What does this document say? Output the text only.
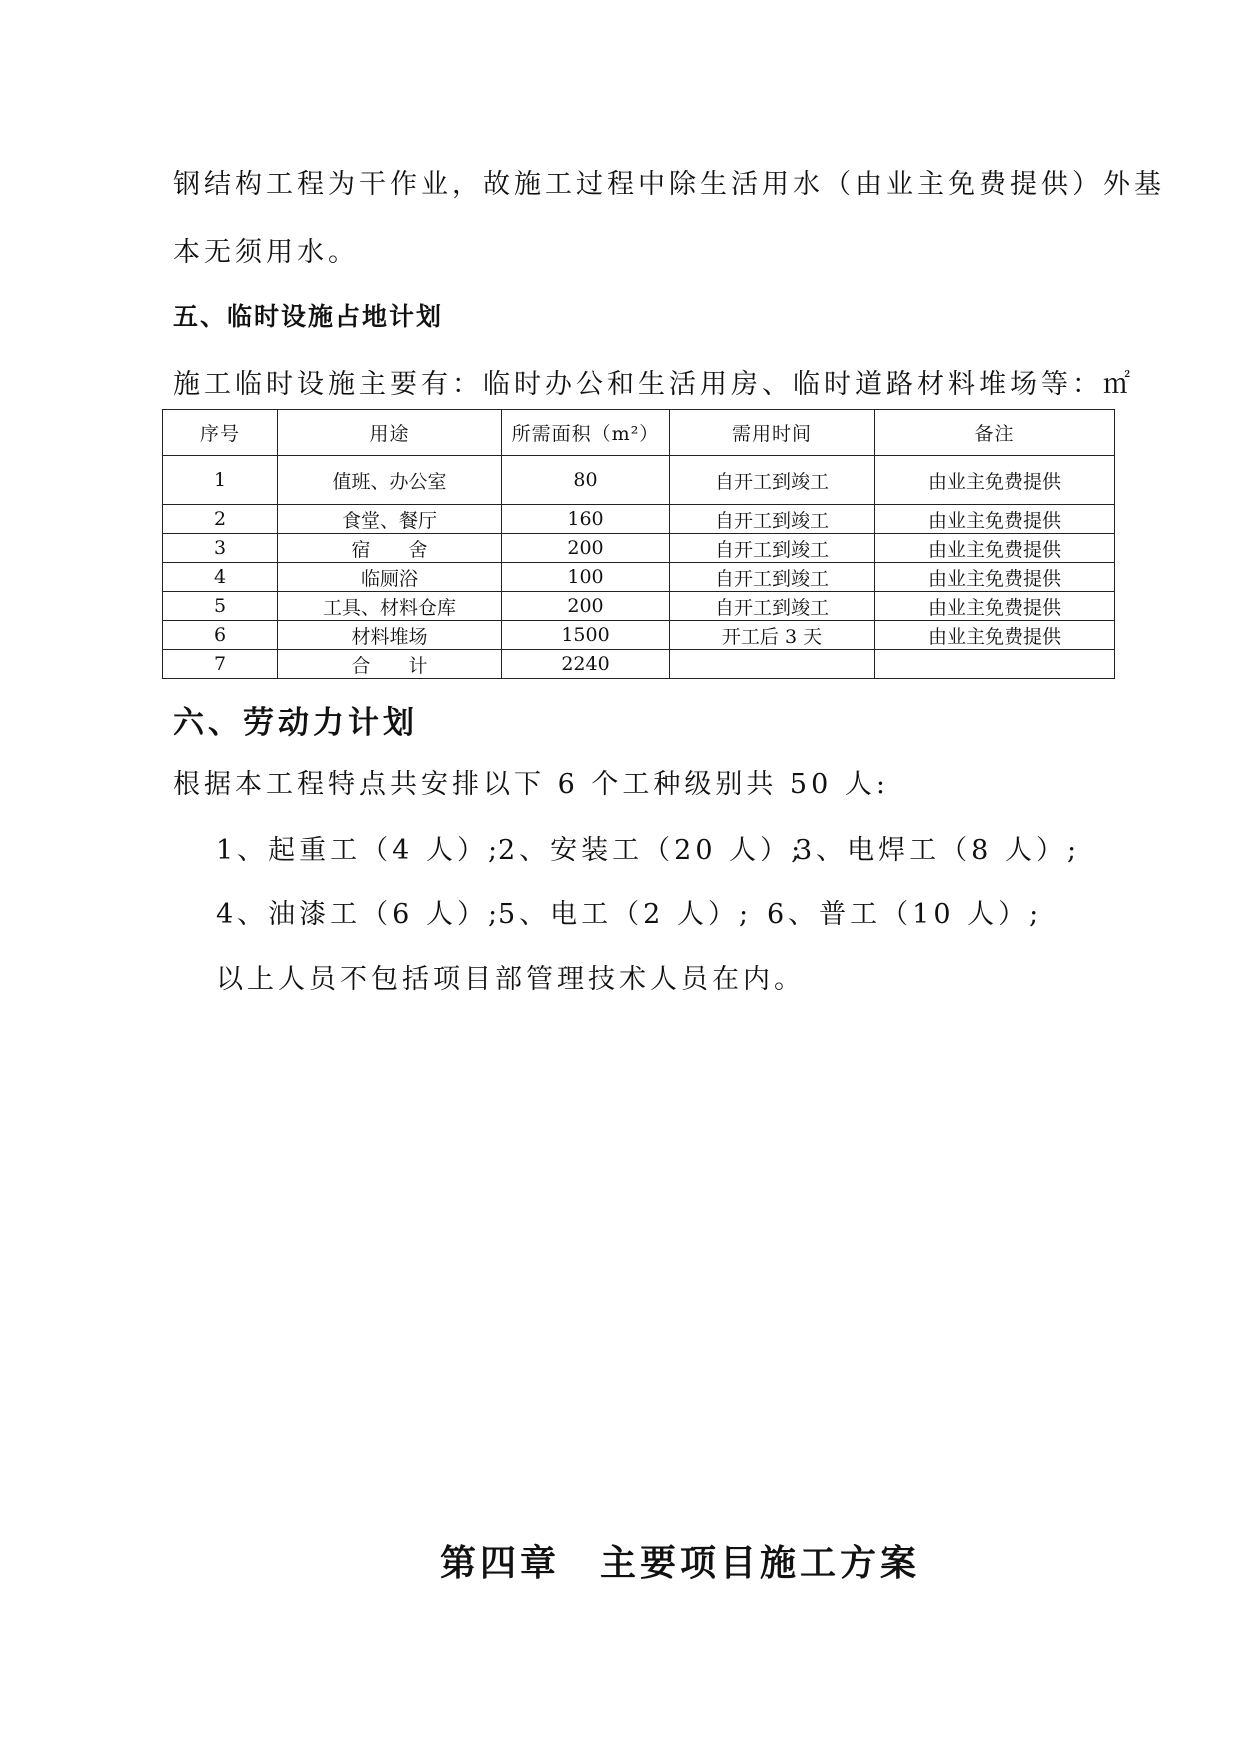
钢结构工程为干作业，故施工过程中除生活用水（由业主免费提供）外基
本无须用水。
五、临时设施占地计划
施工临时设施主要有：临时办公和生活用房、临时道路材料堆场等：㎡
序号	用途	所需面积（m²）	需用时间	备注
1	值班、办公室	80	自开工到竣工	由业主免费提供
2	食堂、餐厅	160	自开工到竣工	由业主免费提供
3	宿　　舍	200	自开工到竣工	由业主免费提供
4	临厕浴	100	自开工到竣工	由业主免费提供
5	工具、材料仓库	200	自开工到竣工	由业主免费提供
6	材料堆场	1500	开工后 3 天	由业主免费提供
7	合　　计	2240		
六、劳动力计划
根据本工程特点共安排以下 6 个工种级别共 50 人:
1、起重工（4 人）;
2、安装工（20 人）;
3、电焊工（8 人）;
4、油漆工（6 人）;
5、电工（2 人）; 6、普工（10 人）;
以上人员不包括项目部管理技术人员在内。
第四章　主要项目施工方案
